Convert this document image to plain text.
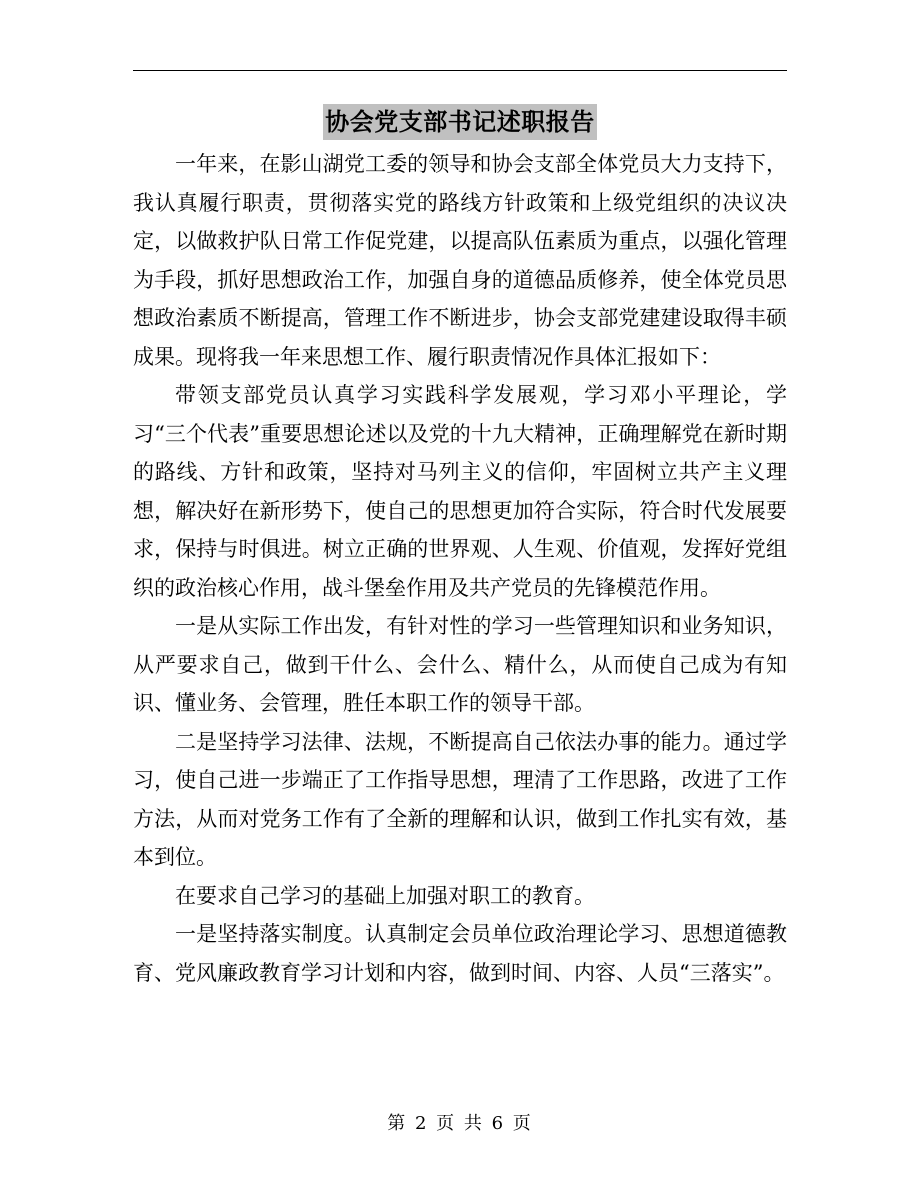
协会党支部书记述职报告

一年来，在影山湖党工委的领导和协会支部全体党员大力支持下，我认真履行职责，贯彻落实党的路线方针政策和上级党组织的决议决定，以做救护队日常工作促党建，以提高队伍素质为重点，以强化管理为手段，抓好思想政治工作，加强自身的道德品质修养，使全体党员思想政治素质不断提高，管理工作不断进步，协会支部党建建设取得丰硕成果。现将我一年来思想工作、履行职责情况作具体汇报如下：

带领支部党员认真学习实践科学发展观，学习邓小平理论，学习“三个代表”重要思想论述以及党的十九大精神，正确理解党在新时期的路线、方针和政策，坚持对马列主义的信仰，牢固树立共产主义理想，解决好在新形势下，使自己的思想更加符合实际，符合时代发展要求，保持与时俱进。树立正确的世界观、人生观、价值观，发挥好党组织的政治核心作用，战斗堡垒作用及共产党员的先锋模范作用。

一是从实际工作出发，有针对性的学习一些管理知识和业务知识，从严要求自己，做到干什么、会什么、精什么，从而使自己成为有知识、懂业务、会管理，胜任本职工作的领导干部。

二是坚持学习法律、法规，不断提高自己依法办事的能力。通过学习，使自己进一步端正了工作指导思想，理清了工作思路，改进了工作方法，从而对党务工作有了全新的理解和认识，做到工作扎实有效，基本到位。

在要求自己学习的基础上加强对职工的教育。

一是坚持落实制度。认真制定会员单位政治理论学习、思想道德教育、党风廉政教育学习计划和内容，做到时间、内容、人员“三落实”。

第 2 页 共 6 页
